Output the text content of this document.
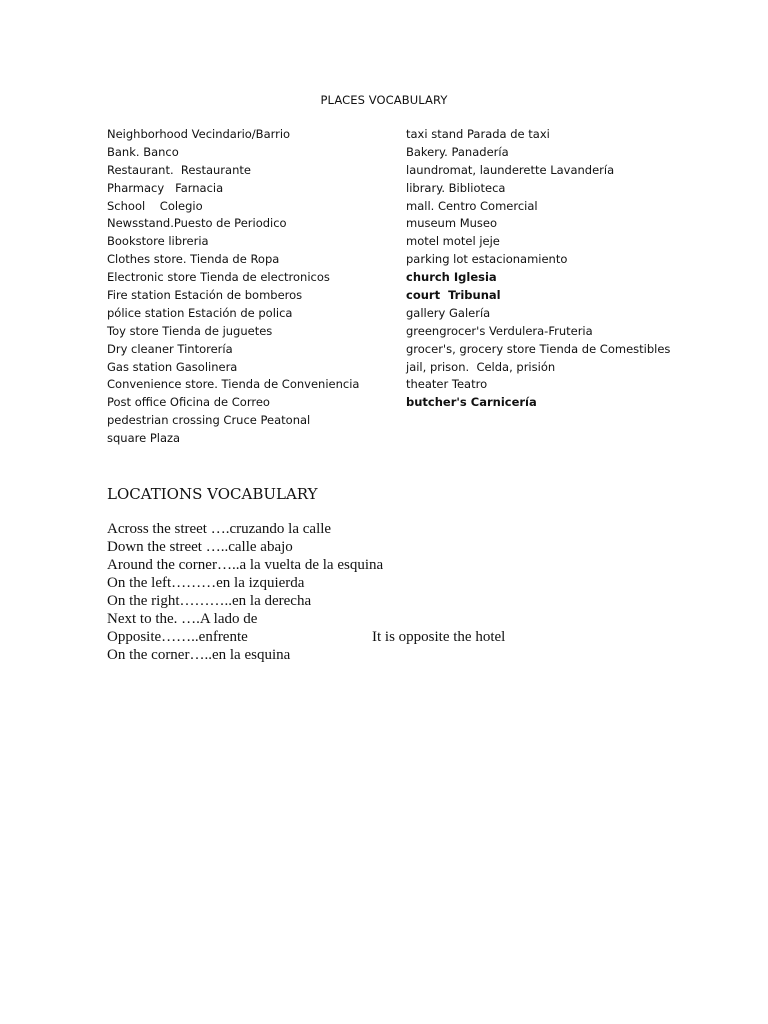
PLACES VOCABULARY
Neighborhood Vecindario/Barrio
Bank. Banco
Restaurant.  Restaurante
Pharmacy   Farnacia
School    Colegio
Newsstand.Puesto de Periodico
Bookstore libreria
Clothes store. Tienda de Ropa
Electronic store Tienda de electronicos
Fire station Estación de bomberos
pólice station Estación de polica
Toy store Tienda de juguetes
Dry cleaner Tintorería
Gas station Gasolinera
Convenience store. Tienda de Conveniencia
Post office Oficina de Correo
pedestrian crossing Cruce Peatonal
square Plaza
taxi stand Parada de taxi
Bakery. Panadería
laundromat, launderette Lavandería
library. Biblioteca
mall. Centro Comercial
museum Museo
motel motel jeje
parking lot estacionamiento
church Iglesia
court  Tribunal
gallery Galería
greengrocer's Verdulera-Fruteria
grocer's, grocery store Tienda de Comestibles
jail, prison.  Celda, prisión
theater Teatro
butcher's Carnicería
LOCATIONS VOCABULARY
Across the street ….cruzando la calle
Down the street …..calle abajo
Around the corner…..a la vuelta de la esquina
On the left………en la izquierda
On the right………..en la derecha
Next to the. ….A lado de
Opposite……..enfrente
On the corner…..en la esquina
It is opposite the hotel
